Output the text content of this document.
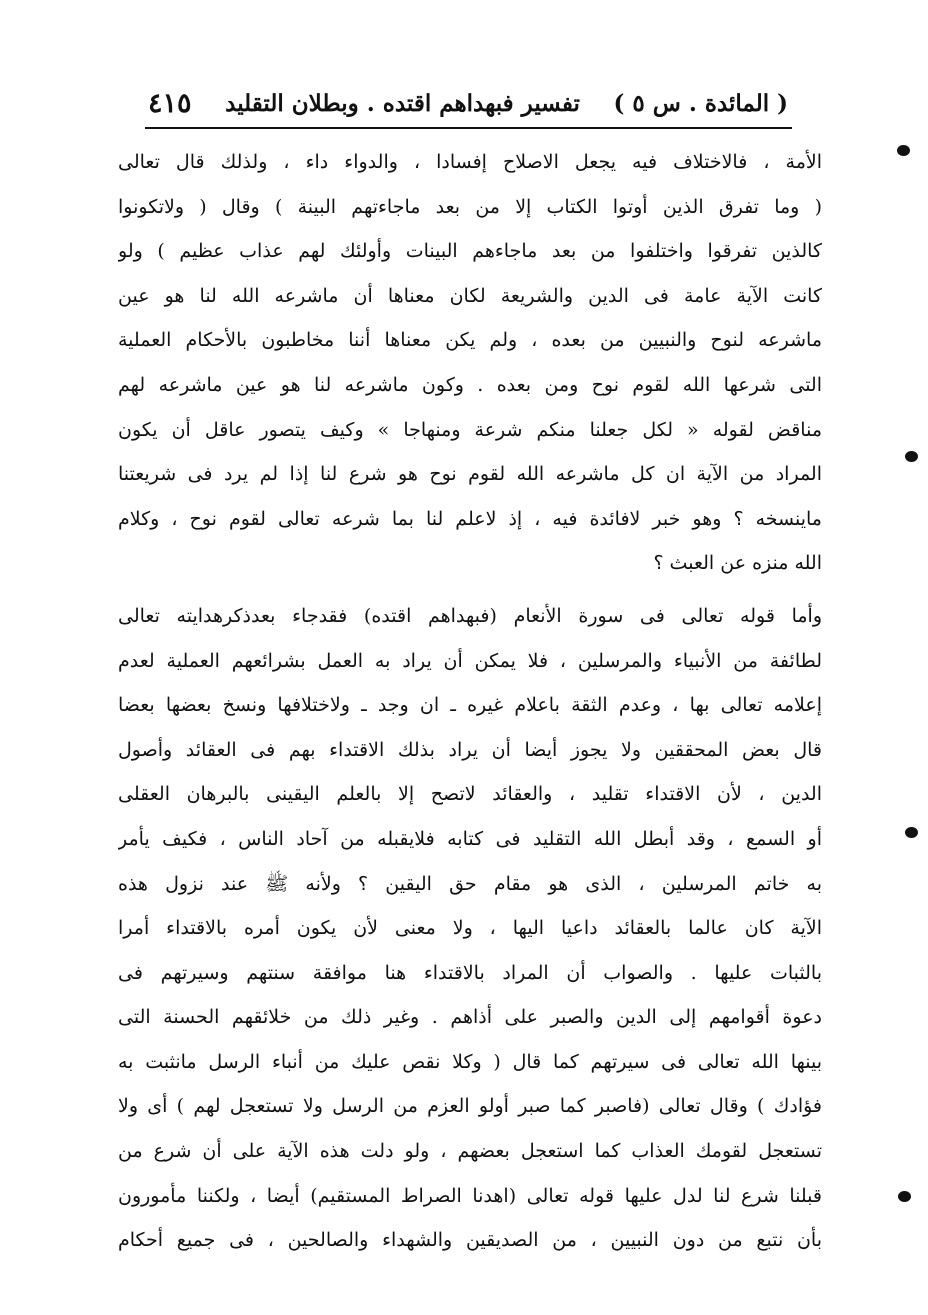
( المائدة . س ٥ )
تفسير فبهداهم اقتده . وبطلان التقليد
٤١٥
الأمة ، فالاختلاف فيه يجعل الاصلاح إفسادا ، والدواء داء ، ولذلك قال تعالى
( وما تفرق الذين أوتوا الكتاب إلا من بعد ماجاءتهم البينة ) وقال ( ولاتكونوا
كالذين تفرقوا واختلفوا من بعد ماجاءهم البينات وأولئك لهم عذاب عظيم ) ولو
كانت الآية عامة فى الدين والشريعة لكان معناها أن ماشرعه الله لنا هو عين
ماشرعه لنوح والنبيين من بعده ، ولم يكن معناها أننا مخاطبون بالأحكام العملية
التى شرعها الله لقوم نوح ومن بعده . وكون ماشرعه لنا هو عين ماشرعه لهم
مناقض لقوله « لكل جعلنا منكم شرعة ومنهاجا » وكيف يتصور عاقل أن يكون
المراد من الآية ان كل ماشرعه الله لقوم نوح هو شرع لنا إذا لم يرد فى شريعتنا
ماينسخه ؟ وهو خبر لافائدة فيه ، إذ لاعلم لنا بما شرعه تعالى لقوم نوح ، وكلام
الله منزه عن العبث ؟
وأما قوله تعالى فى سورة الأنعام (فبهداهم اقتده) فقدجاء بعدذكرهدايته تعالى
لطائفة من الأنبياء والمرسلين ، فلا يمكن أن يراد به العمل بشرائعهم العملية لعدم
إعلامه تعالى بها ، وعدم الثقة باعلام غيره ـ ان وجد ـ ولاختلافها ونسخ بعضها بعضا
قال بعض المحققين ولا يجوز أيضا أن يراد بذلك الاقتداء بهم فى العقائد وأصول
الدين ، لأن الاقتداء تقليد ، والعقائد لاتصح إلا بالعلم اليقينى بالبرهان العقلى
أو السمع ، وقد أبطل الله التقليد فى كتابه فلايقبله من آحاد الناس ، فكيف يأمر
به خاتم المرسلين ، الذى هو مقام حق اليقين ؟ ولأنه ﷺ عند نزول هذه
الآية كان عالما بالعقائد داعيا اليها ، ولا معنى لأن يكون أمره بالاقتداء أمرا
بالثبات عليها . والصواب أن المراد بالاقتداء هنا موافقة سنتهم وسيرتهم فى
دعوة أقوامهم إلى الدين والصبر على أذاهم . وغير ذلك من خلائقهم الحسنة التى
بينها الله تعالى فى سيرتهم كما قال ( وكلا نقص عليك من أنباء الرسل مانثبت به
فؤادك ) وقال تعالى (فاصبر كما صبر أولو العزم من الرسل ولا تستعجل لهم ) أى ولا
تستعجل لقومك العذاب كما استعجل بعضهم ، ولو دلت هذه الآية على أن شرع من
قبلنا شرع لنا لدل عليها قوله تعالى (اهدنا الصراط المستقيم) أيضا ، ولكننا مأمورون
بأن نتبع من دون النبيين ، من الصديقين والشهداء والصالحين ، فى جميع أحكام
